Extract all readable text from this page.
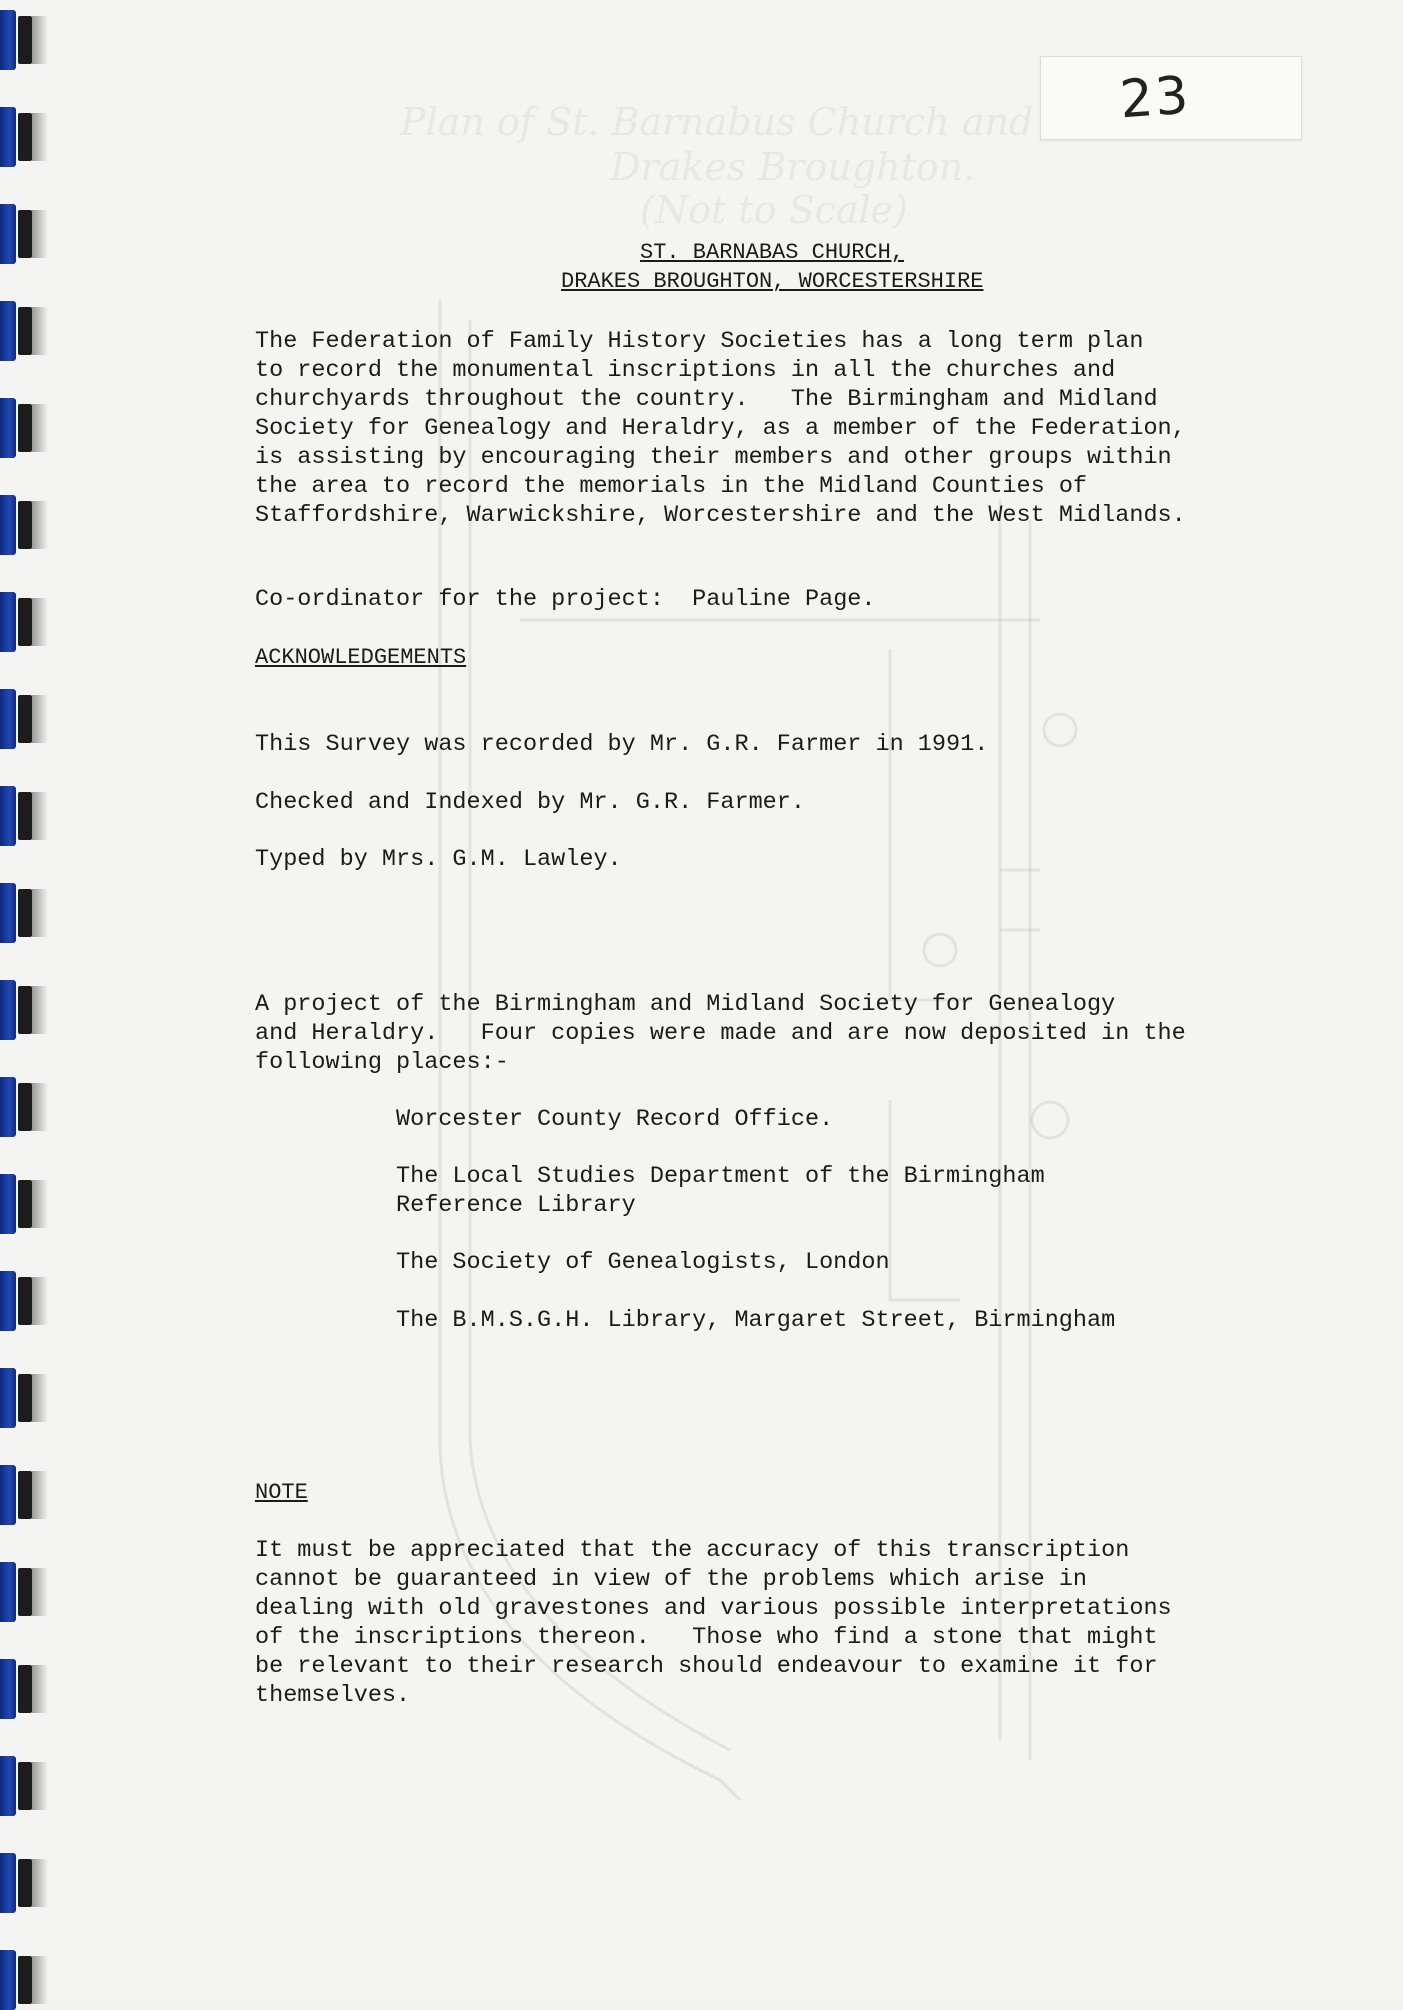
Plan of St. Barnabus Church and
Drakes Broughton.
(Not to Scale)
23
ST. BARNABAS CHURCH,
DRAKES BROUGHTON, WORCESTERSHIRE
The Federation of Family History Societies has a long term plan
to record the monumental inscriptions in all the churches and
churchyards throughout the country.   The Birmingham and Midland
Society for Genealogy and Heraldry, as a member of the Federation,
is assisting by encouraging their members and other groups within
the area to record the memorials in the Midland Counties of
Staffordshire, Warwickshire, Worcestershire and the West Midlands.
Co-ordinator for the project:  Pauline Page.
ACKNOWLEDGEMENTS
This Survey was recorded by Mr. G.R. Farmer in 1991.
Checked and Indexed by Mr. G.R. Farmer.
Typed by Mrs. G.M. Lawley.
A project of the Birmingham and Midland Society for Genealogy
and Heraldry.   Four copies were made and are now deposited in the
following places:-
Worcester County Record Office.
The Local Studies Department of the Birmingham
Reference Library
The Society of Genealogists, London
The B.M.S.G.H. Library, Margaret Street, Birmingham
NOTE
It must be appreciated that the accuracy of this transcription
cannot be guaranteed in view of the problems which arise in
dealing with old gravestones and various possible interpretations
of the inscriptions thereon.   Those who find a stone that might
be relevant to their research should endeavour to examine it for
themselves.
